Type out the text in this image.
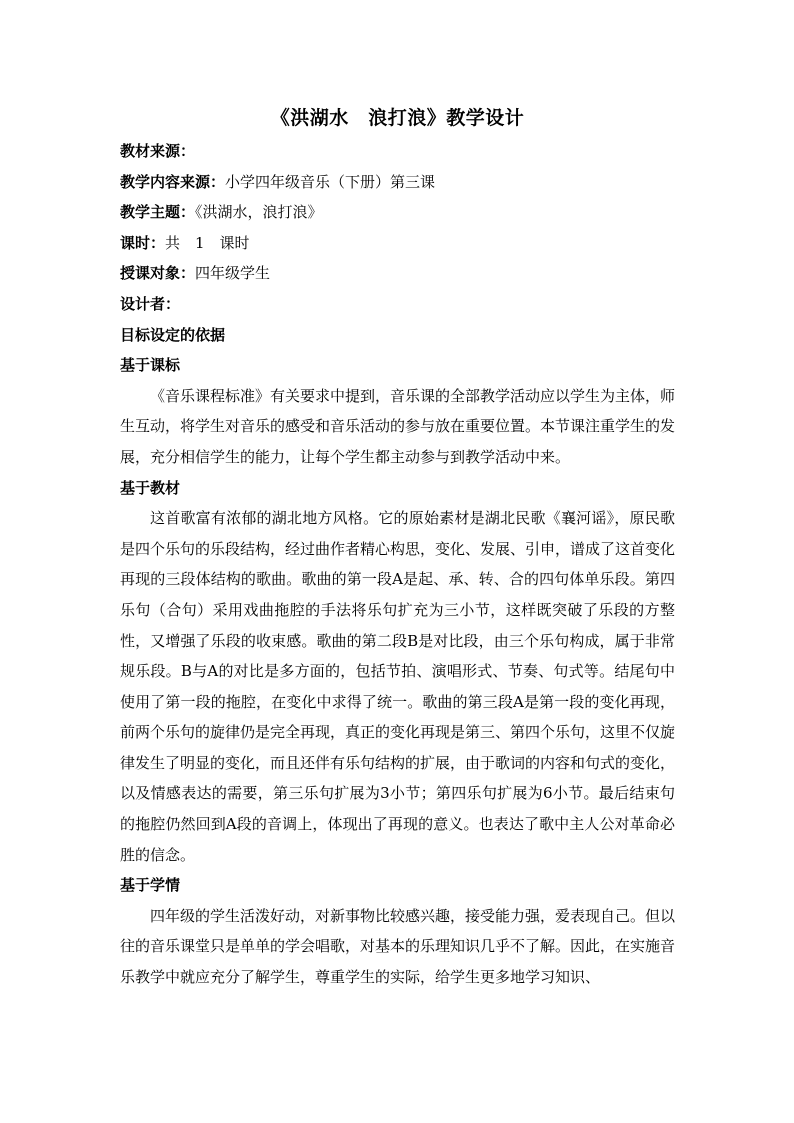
《洪湖水　浪打浪》教学设计
教材来源：
教学内容来源：小学四年级音乐（下册）第三课
教学主题：《洪湖水，浪打浪》
课时：共　1　课时
授课对象：四年级学生
设计者：
目标设定的依据
基于课标

《音乐课程标准》有关要求中提到，音乐课的全部教学活动应以学生为主体，师生互动，将学生对音乐的感受和音乐活动的参与放在重要位置。本节课注重学生的发展，充分相信学生的能力，让每个学生都主动参与到教学活动中来。

基于教材

这首歌富有浓郁的湖北地方风格。它的原始素材是湖北民歌《襄河谣》，原民歌是四个乐句的乐段结构，经过曲作者精心构思，变化、发展、引申，谱成了这首变化再现的三段体结构的歌曲。歌曲的第一段A是起、承、转、合的四句体单乐段。第四乐句（合句）采用戏曲拖腔的手法将乐句扩充为三小节，这样既突破了乐段的方整性，又增强了乐段的收束感。歌曲的第二段B是对比段，由三个乐句构成，属于非常规乐段。B与A的对比是多方面的，包括节拍、演唱形式、节奏、句式等。结尾句中使用了第一段的拖腔，在变化中求得了统一。歌曲的第三段A是第一段的变化再现，前两个乐句的旋律仍是完全再现，真正的变化再现是第三、第四个乐句，这里不仅旋律发生了明显的变化，而且还伴有乐句结构的扩展，由于歌词的内容和句式的变化，以及情感表达的需要，第三乐句扩展为3小节；第四乐句扩展为6小节。最后结束句的拖腔仍然回到A段的音调上，体现出了再现的意义。也表达了歌中主人公对革命必胜的信念。

基于学情

四年级的学生活泼好动，对新事物比较感兴趣，接受能力强，爱表现自己。但以往的音乐课堂只是单单的学会唱歌，对基本的乐理知识几乎不了解。因此，在实施音乐教学中就应充分了解学生，尊重学生的实际，给学生更多地学习知识、
